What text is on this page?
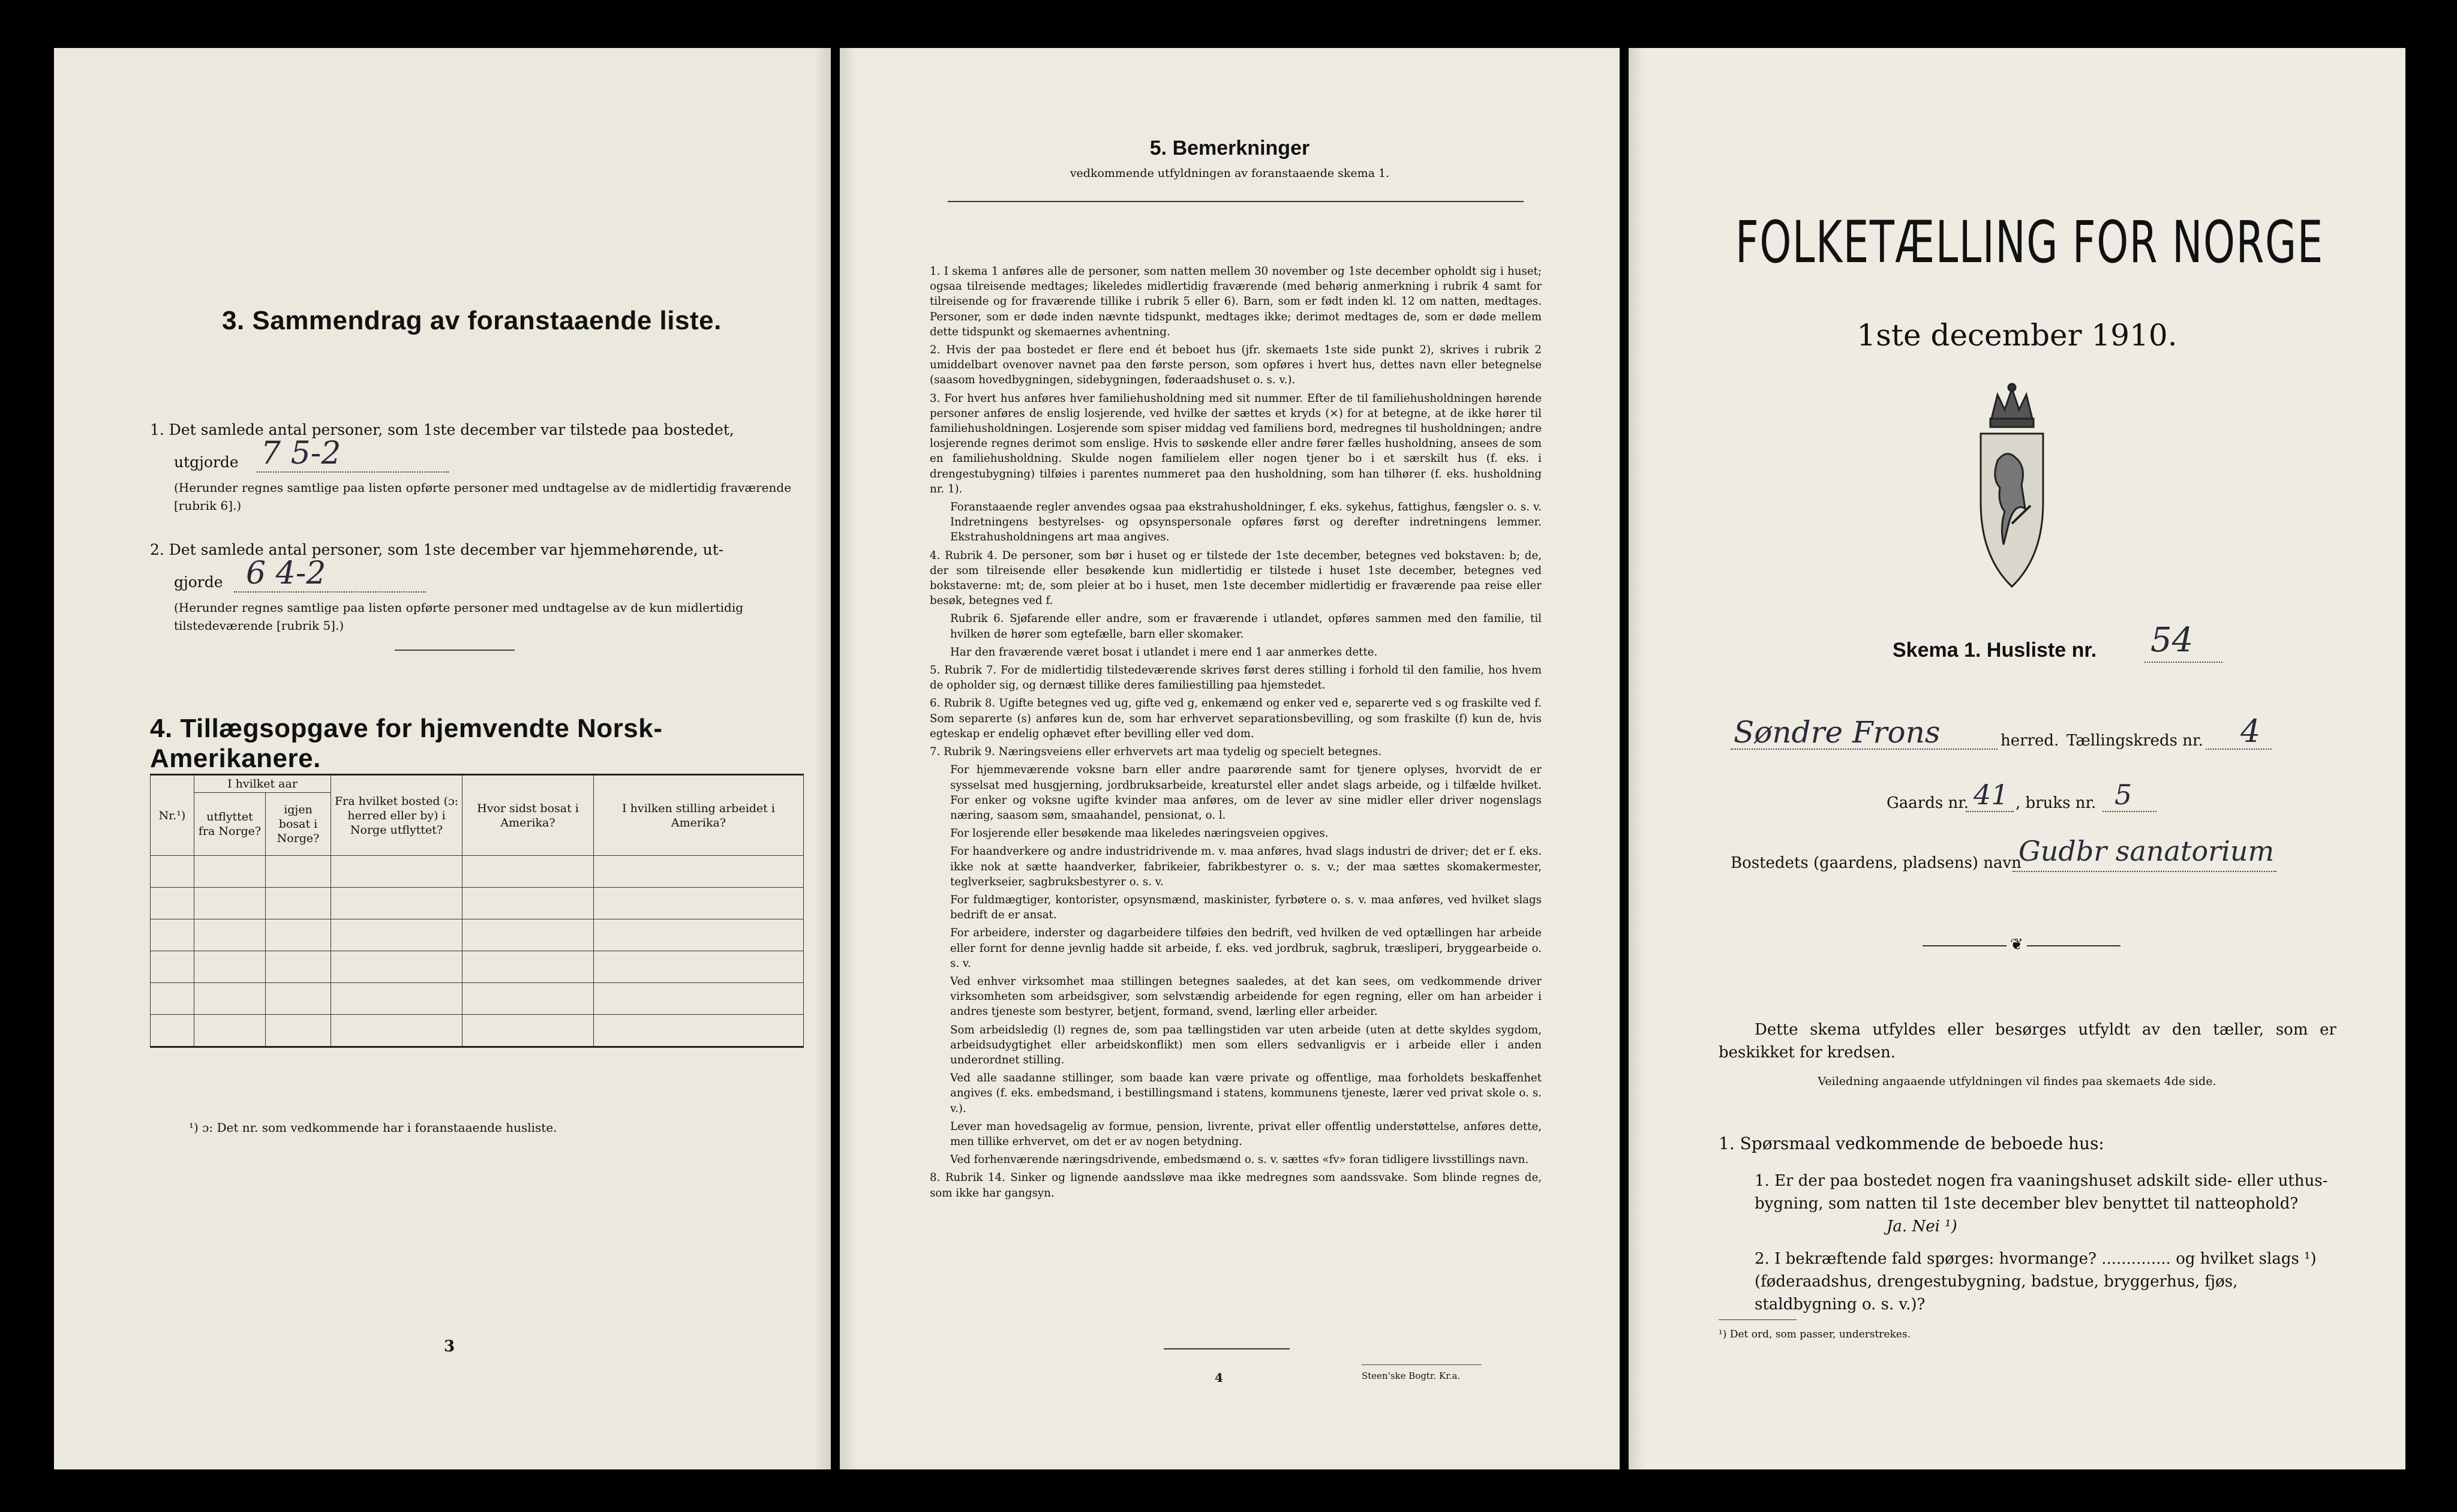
3. Sammendrag av foranstaaende liste.
1. Det samlede antal personer, som 1ste december var tilstede paa bostedet,
utgjorde 7 5-2
(Herunder regnes samtlige paa listen opførte personer med undtagelse av de midlertidig fraværende [rubrik 6].)
2. Det samlede antal personer, som 1ste december var hjemmehørende, ut-
gjorde 6 4-2
(Herunder regnes samtlige paa listen opførte personer med undtagelse av de kun midlertidig tilstedeværende [rubrik 5].)
4. Tillægsopgave for hjemvendte Norsk-Amerikanere.
Nr.¹)	I hvilket aar		Fra hvilket bosted (ɔ: herred eller by) i Norge utflyttet?	Hvor sidst bosat i Amerika?	I hvilken stilling arbeidet i Amerika?
	utflyttet fra Norge?	igjen bosat i Norge?			

¹) ɔ: Det nr. som vedkommende har i foranstaaende husliste.
3
5. Bemerkninger
vedkommende utfyldningen av foranstaaende skema 1.

1. I skema 1 anføres alle de personer, som natten mellem 30 november og 1ste december opholdt sig i huset; ogsaa tilreisende medtages; likeledes midlertidig fraværende (med behørig anmerkning i rubrik 4 samt for tilreisende og for fraværende tillike i rubrik 5 eller 6). Barn, som er født inden kl. 12 om natten, medtages. Personer, som er døde inden nævnte tidspunkt, medtages ikke; derimot medtages de, som er døde mellem dette tidspunkt og skemaernes avhentning.

2. Hvis der paa bostedet er flere end ét beboet hus (jfr. skemaets 1ste side punkt 2), skrives i rubrik 2 umiddelbart ovenover navnet paa den første person, som opføres i hvert hus, dettes navn eller betegnelse (saasom hovedbygningen, sidebygningen, føderaadshuset o. s. v.).

3. For hvert hus anføres hver familiehusholdning med sit nummer. Efter de til familiehusholdningen hørende personer anføres de enslig losjerende, ved hvilke der sættes et kryds (×) for at betegne, at de ikke hører til familiehusholdningen. Losjerende som spiser middag ved familiens bord, medregnes til husholdningen; andre losjerende regnes derimot som enslige. Hvis to søskende eller andre fører fælles husholdning, ansees de som en familiehusholdning. Skulde nogen familielem eller nogen tjener bo i et særskilt hus (f. eks. i drengestubygning) tilføies i parentes nummeret paa den husholdning, som han tilhører (f. eks. husholdning nr. 1).

Foranstaaende regler anvendes ogsaa paa ekstrahusholdninger, f. eks. sykehus, fattighus, fængsler o. s. v. Indretningens bestyrelses- og opsynspersonale opføres først og derefter indretningens lemmer. Ekstrahusholdningens art maa angives.

4. Rubrik 4. De personer, som bør i huset og er tilstede der 1ste december, betegnes ved bokstaven: b; de, der som tilreisende eller besøkende kun midlertidig er tilstede i huset 1ste december, betegnes ved bokstaverne: mt; de, som pleier at bo i huset, men 1ste december midlertidig er fraværende paa reise eller besøk, betegnes ved f.

Rubrik 6. Sjøfarende eller andre, som er fraværende i utlandet, opføres sammen med den familie, til hvilken de hører som egtefælle, barn eller skomaker.

Har den fraværende været bosat i utlandet i mere end 1 aar anmerkes dette.

5. Rubrik 7. For de midlertidig tilstedeværende skrives først deres stilling i forhold til den familie, hos hvem de opholder sig, og dernæst tillike deres familiestilling paa hjemstedet.

6. Rubrik 8. Ugifte betegnes ved ug, gifte ved g, enkemænd og enker ved e, separerte ved s og fraskilte ved f. Som separerte (s) anføres kun de, som har erhvervet separationsbevilling, og som fraskilte (f) kun de, hvis egteskap er endelig ophævet efter bevilling eller ved dom.

7. Rubrik 9. Næringsveiens eller erhvervets art maa tydelig og specielt betegnes.

For hjemmeværende voksne barn eller andre paarørende samt for tjenere oplyses, hvorvidt de er sysselsat med husgjerning, jordbruksarbeide, kreaturstel eller andet slags arbeide, og i tilfælde hvilket. For enker og voksne ugifte kvinder maa anføres, om de lever av sine midler eller driver nogenslags næring, saasom søm, smaahandel, pensionat, o. l.

For losjerende eller besøkende maa likeledes næringsveien opgives.

For haandverkere og andre industridrivende m. v. maa anføres, hvad slags industri de driver; det er f. eks. ikke nok at sætte haandverker, fabrikeier, fabrikbestyrer o. s. v.; der maa sættes skomakermester, teglverkseier, sagbruksbestyrer o. s. v.

For fuldmægtiger, kontorister, opsynsmænd, maskinister, fyrbøtere o. s. v. maa anføres, ved hvilket slags bedrift de er ansat.

For arbeidere, inderster og dagarbeidere tilføies den bedrift, ved hvilken de ved optællingen har arbeide eller fornt for denne jevnlig hadde sit arbeide, f. eks. ved jordbruk, sagbruk, træsliperi, bryggearbeide o. s. v.

Ved enhver virksomhet maa stillingen betegnes saaledes, at det kan sees, om vedkommende driver virksomheten som arbeidsgiver, som selvstændig arbeidende for egen regning, eller om han arbeider i andres tjeneste som bestyrer, betjent, formand, svend, lærling eller arbeider.

Som arbeidsledig (l) regnes de, som paa tællingstiden var uten arbeide (uten at dette skyldes sygdom, arbeidsudygtighet eller arbeidskonflikt) men som ellers sedvanligvis er i arbeide eller i anden underordnet stilling.

Ved alle saadanne stillinger, som baade kan være private og offentlige, maa forholdets beskaffenhet angives (f. eks. embedsmand, i bestillingsmand i statens, kommunens tjeneste, lærer ved privat skole o. s. v.).

Lever man hovedsagelig av formue, pension, livrente, privat eller offentlig understøttelse, anføres dette, men tillike erhvervet, om det er av nogen betydning.

Ved forhenværende næringsdrivende, embedsmænd o. s. v. sættes «fv» foran tidligere livsstillings navn.

8. Rubrik 14. Sinker og lignende aandssløve maa ikke medregnes som aandssvake. Som blinde regnes de, som ikke har gangsyn.

4	Steen'ske Bogtr. Kr.a.
FOLKETÆLLING FOR NORGE
1ste december 1910.
Skema 1. Husliste nr. 54
Søndre Frons	herred. Tællingskreds nr. 4
Gaards nr. 41 , bruks nr. 5
Bostedets (gaardens, pladsens) navn
Gudbr sanatorium
❦
Dette skema utfyldes eller besørges utfyldt av den tæller, som er beskikket for kredsen.
Veiledning angaaende utfyldningen vil findes paa skemaets 4de side.
1. Spørsmaal vedkommende de beboede hus:
1. Er der paa bostedet nogen fra vaaningshuset adskilt side- eller uthus-bygning, som natten til 1ste december blev benyttet til natteophold?
Ja. Nei ¹)
2. I bekræftende fald spørges: hvormange? .............. og hvilket slags ¹) (føderaadshus, drengestubygning, badstue, bryggerhus, fjøs, staldbygning o. s. v.)?
¹) Det ord, som passer, understrekes.
